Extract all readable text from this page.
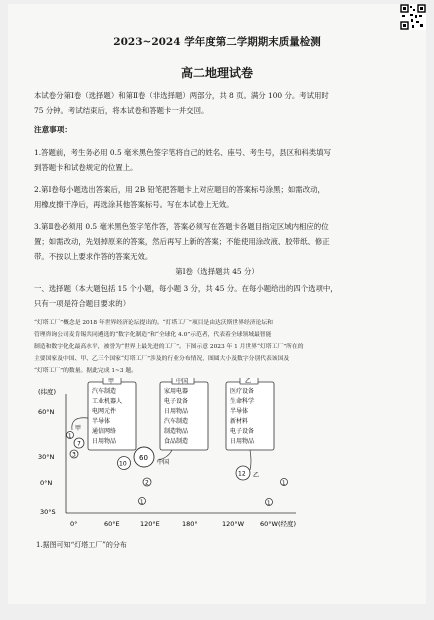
2023~2024 学年度第二学期期末质量检测
高二地理试卷
本试卷分第Ⅰ卷（选择题）和第Ⅱ卷（非选择题）两部分，共 8 页。满分 100 分。考试用时
75 分钟。考试结束后，将本试卷和答题卡一并交回。
注意事项：
1.答题前，考生务必用 0.5 毫米黑色签字笔将自己的姓名、座号、考生号，县区和科类填写
到答题卡和试卷规定的位置上。
2.第Ⅰ卷每小题选出答案后，用 2B 铅笔把答题卡上对应题目的答案标号涂黑；如需改动，
用橡皮擦干净后，再选涂其他答案标号。写在本试卷上无效。
3.第Ⅱ卷必须用 0.5 毫米黑色签字笔作答，答案必须写在答题卡各题目指定区域内相应的位
置；如需改动，先划掉原来的答案，然后再写上新的答案；不能使用涂改液、胶带纸、修正
带。不按以上要求作答的答案无效。
第Ⅰ卷（选择题共 45 分）
一、选择题（本大题包括 15 个小题，每小题 3 分，共 45 分。在每小题给出的四个选项中，
只有一项是符合题目要求的）
“灯塔工厂”概念是 2018 年世界经济论坛提出的。“灯塔工厂”项目是由达沃斯世界经济论坛和
管理咨询公司麦肯锡共同遴选的“数字化制造”和“全球化 4.0”示范者，代表着全球领域最智能
制造和数字化化最高水平，被誉为“世界上最先进的工厂”。下图示意 2023 年 1 月世界“灯塔工厂”所在的
主要国家及中国、甲、乙三个国家“灯塔工厂”涉及的行业分布情况，图圆大小及数字分别代表该国及
“灯塔工厂”的数量。据此完成 1~3 题。
(纬度)
60°N
30°N
0°N
30°S
0°	60°E	120°E	180°	120°W 60°W(经度)
甲
汽车制造
工业机器人
电网元件
半导体
通信网络
日用物品
中国
家用电器
电子设备
日用物品
汽车制造
制造物品
食品制造
乙
医疗设备
生命科学
半导体
新材料
电子设备
日用物品
1
甲
7
3
10
60
中国
2
1
12 乙
1
1
1.据图可知“灯塔工厂”的分布
